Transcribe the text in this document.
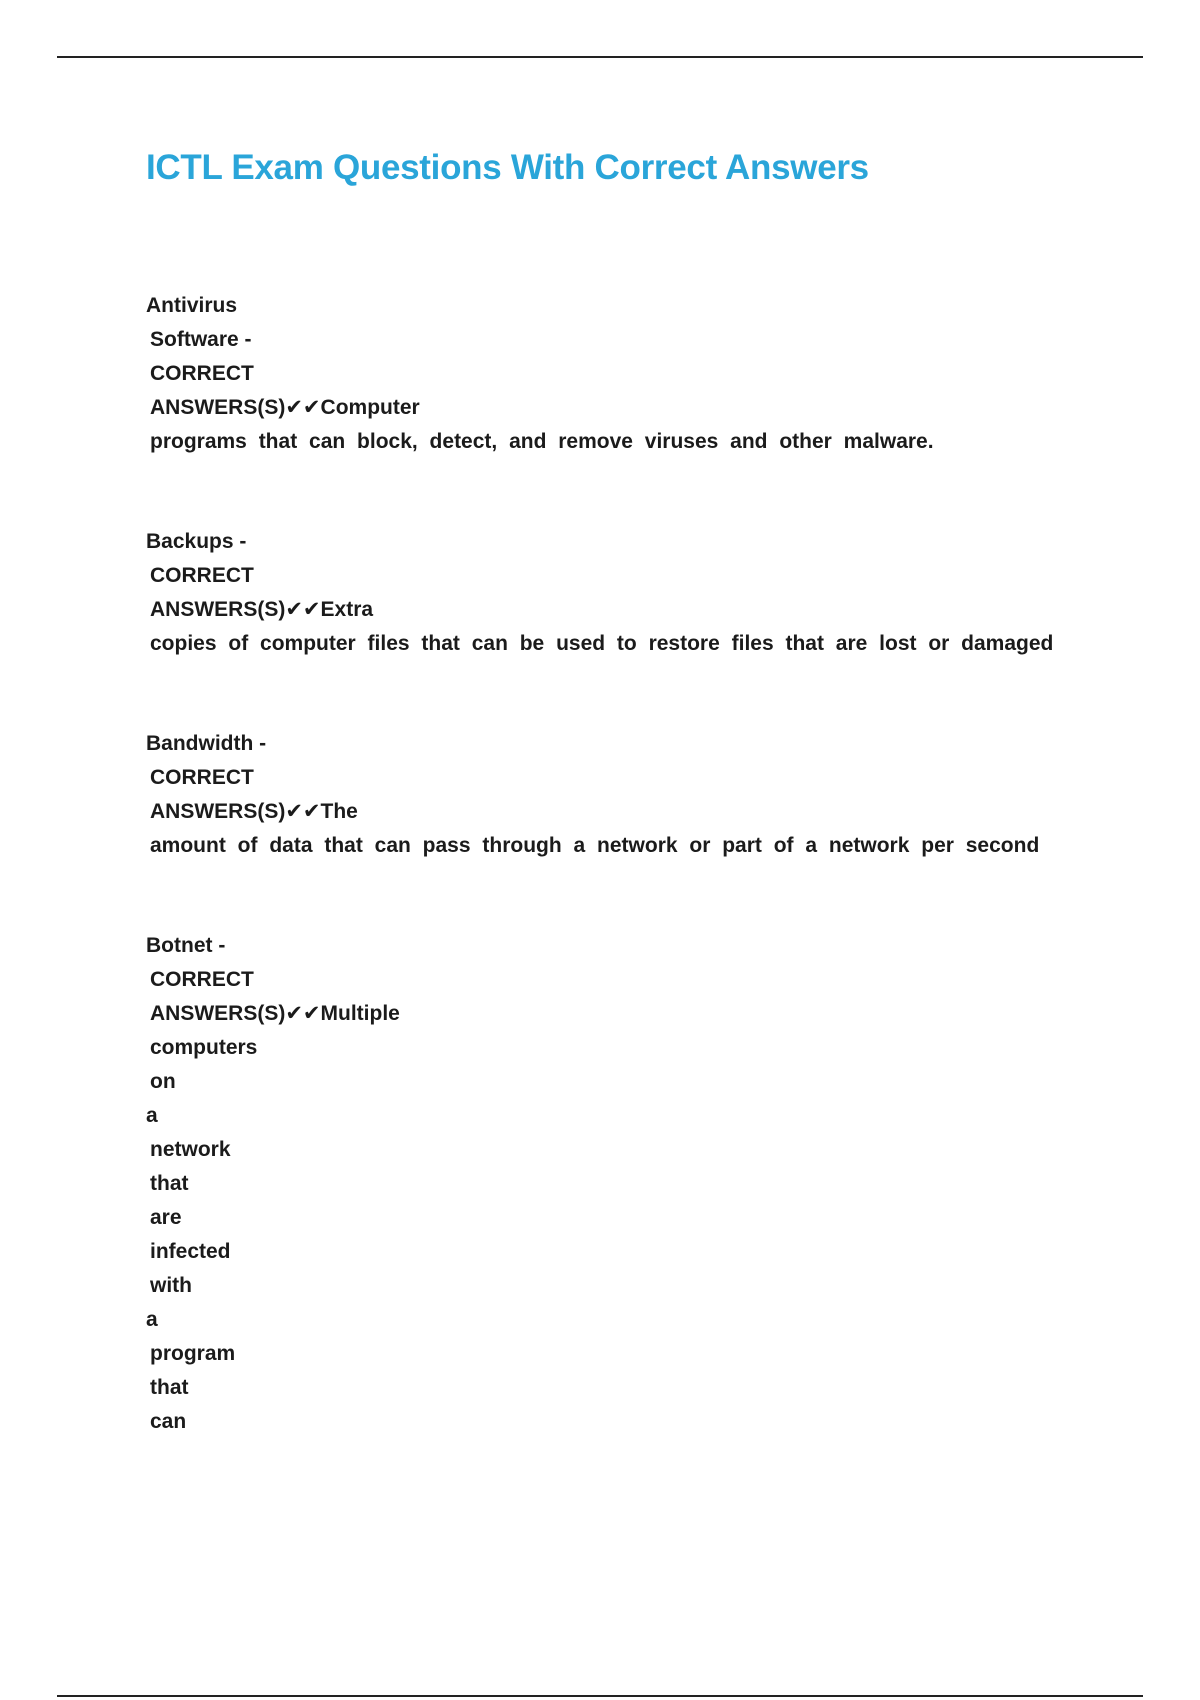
ICTL Exam Questions With Correct Answers
Antivirus
Software -
CORRECT
ANSWERS(S)✔✔Computer
programs that can block, detect, and remove viruses and other malware.
Backups -
CORRECT
ANSWERS(S)✔✔Extra
copies of computer files that can be used to restore files that are lost or damaged
Bandwidth -
CORRECT
ANSWERS(S)✔✔The
amount of data that can pass through a network or part of a network per second
Botnet -
CORRECT
ANSWERS(S)✔✔Multiple
computers
on
a
network
that
are
infected
with
a
program
that
can
